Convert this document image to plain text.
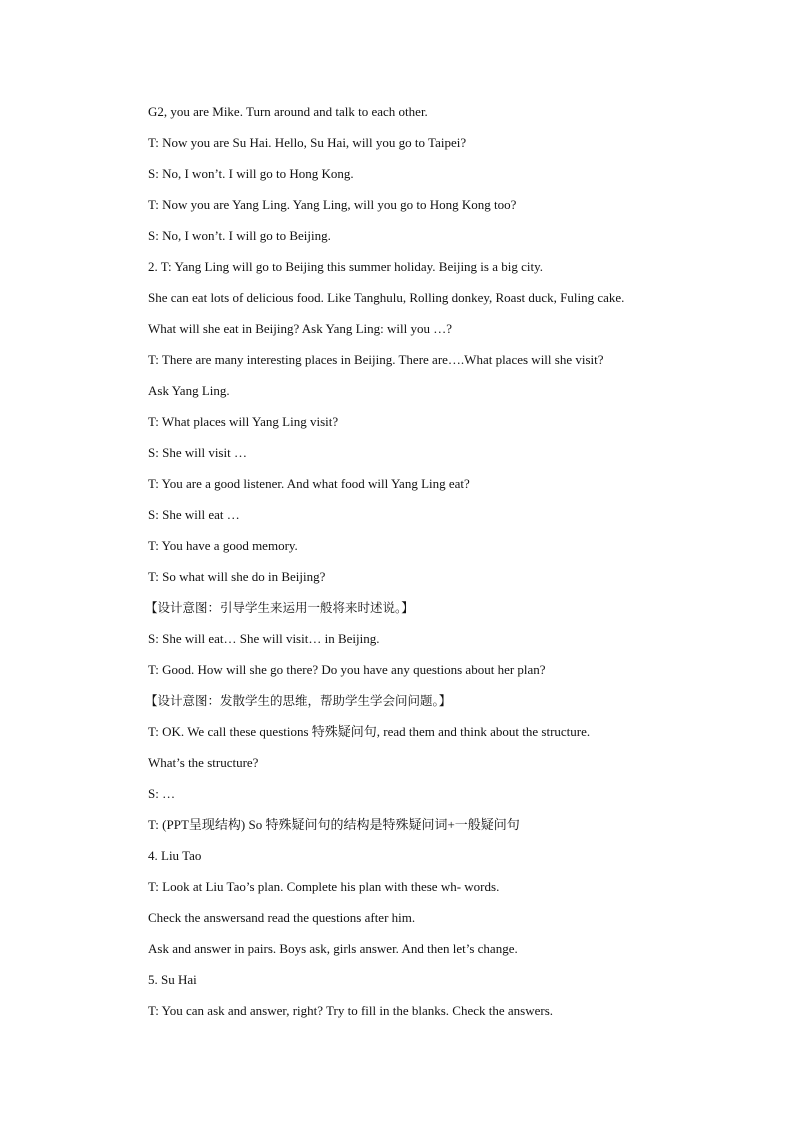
G2, you are Mike. Turn around and talk to each other.
T: Now you are Su Hai. Hello, Su Hai, will you go to Taipei?
S: No, I won’t. I will go to Hong Kong.
T: Now you are Yang Ling. Yang Ling, will you go to Hong Kong too?
S: No, I won’t. I will go to Beijing.
2. T: Yang Ling will go to Beijing this summer holiday. Beijing is a big city.
She can eat lots of delicious food. Like Tanghulu, Rolling donkey, Roast duck, Fuling cake.
What will she eat in Beijing? Ask Yang Ling: will you …?
T: There are many interesting places in Beijing. There are….What places will she visit?
Ask Yang Ling.
T: What places will Yang Ling visit?
S: She will visit …
T: You are a good listener. And what food will Yang Ling eat?
S: She will eat …
T: You have a good memory.
T: So what will she do in Beijing?
【设计意图：引导学生来运用一般将来时述说。】
S: She will eat… She will visit… in Beijing.
T: Good. How will she go there? Do you have any questions about her plan?
【设计意图：发散学生的思维，帮助学生学会问问题。】
T: OK. We call these questions 特殊疑问句, read them and think about the structure.
What’s the structure?
S: …
T: (PPT呈现结构) So 特殊疑问句的结构是特殊疑问词+一般疑问句
4. Liu Tao
T: Look at Liu Tao’s plan. Complete his plan with these wh- words.
Check the answersand read the questions after him.
Ask and answer in pairs. Boys ask, girls answer. And then let’s change.
5. Su Hai
T: You can ask and answer, right? Try to fill in the blanks. Check the answers.
